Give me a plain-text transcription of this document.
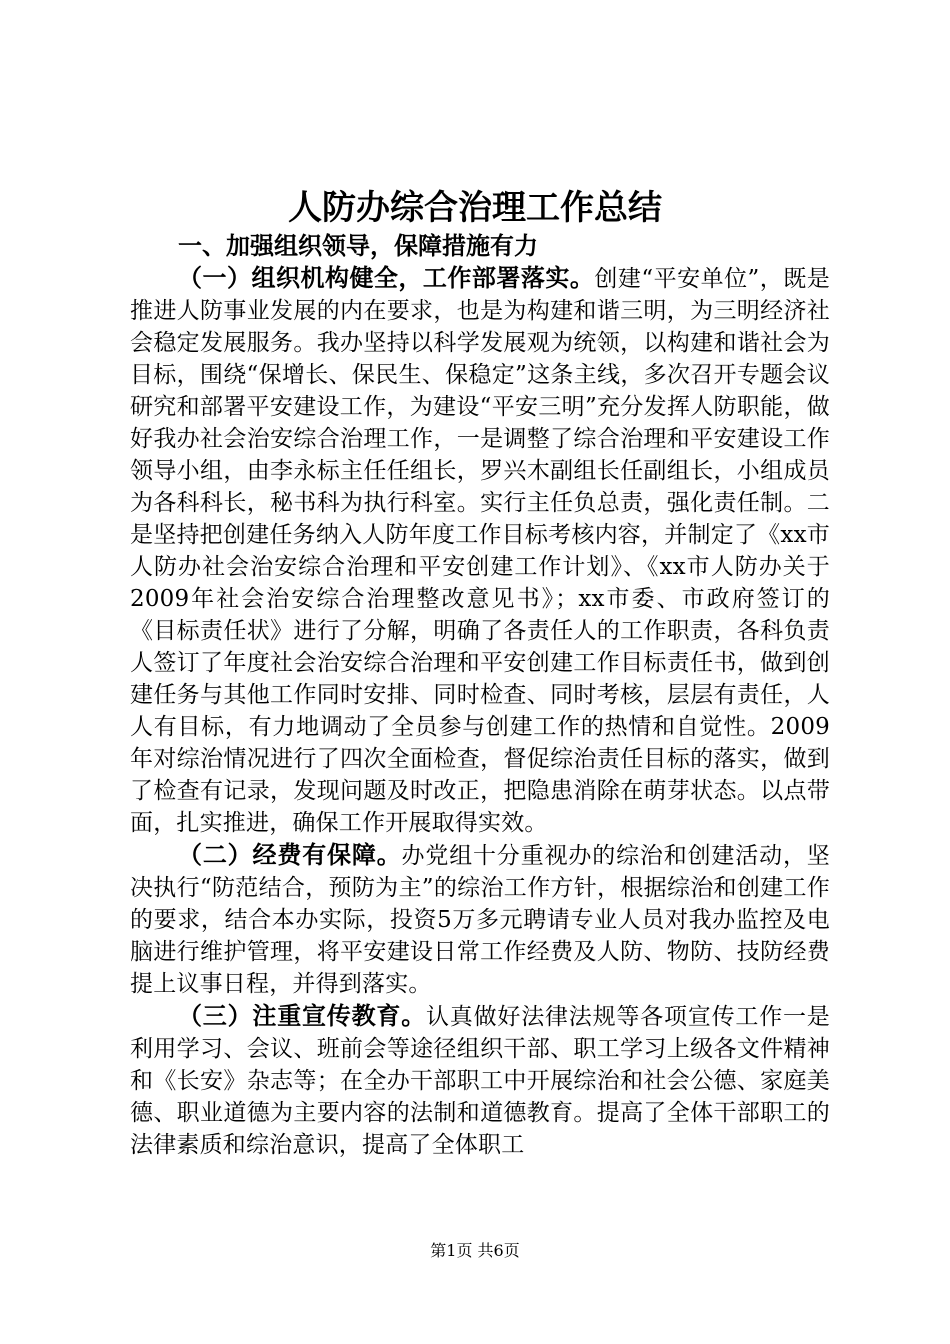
人防办综合治理工作总结

一、加强组织领导，保障措施有力

（一）组织机构健全，工作部署落实。创建“平安单位”，既是推进人防事业发展的内在要求，也是为构建和谐三明，为三明经济社会稳定发展服务。我办坚持以科学发展观为统领，以构建和谐社会为目标，围绕“保增长、保民生、保稳定”这条主线，多次召开专题会议研究和部署平安建设工作，为建设“平安三明”充分发挥人防职能，做好我办社会治安综合治理工作，一是调整了综合治理和平安建设工作领导小组，由李永标主任任组长，罗兴木副组长任副组长，小组成员为各科科长，秘书科为执行科室。实行主任负总责，强化责任制。二是坚持把创建任务纳入人防年度工作目标考核内容，并制定了《xx市人防办社会治安综合治理和平安创建工作计划》、《xx市人防办关于2009年社会治安综合治理整改意见书》；xx市委、市政府签订的《目标责任状》进行了分解，明确了各责任人的工作职责，各科负责人签订了年度社会治安综合治理和平安创建工作目标责任书，做到创建任务与其他工作同时安排、同时检查、同时考核，层层有责任，人人有目标，有力地调动了全员参与创建工作的热情和自觉性。2009年对综治情况进行了四次全面检查，督促综治责任目标的落实，做到了检查有记录，发现问题及时改正，把隐患消除在萌芽状态。以点带面，扎实推进，确保工作开展取得实效。

（二）经费有保障。办党组十分重视办的综治和创建活动，坚决执行“防范结合，预防为主”的综治工作方针，根据综治和创建工作的要求，结合本办实际，投资5万多元聘请专业人员对我办监控及电脑进行维护管理，将平安建设日常工作经费及人防、物防、技防经费提上议事日程，并得到落实。

（三）注重宣传教育。认真做好法律法规等各项宣传工作一是利用学习、会议、班前会等途径组织干部、职工学习上级各文件精神和《长安》杂志等；在全办干部职工中开展综治和社会公德、家庭美德、职业道德为主要内容的法制和道德教育。提高了全体干部职工的法律素质和综治意识，提高了全体职工

第1页 共6页
